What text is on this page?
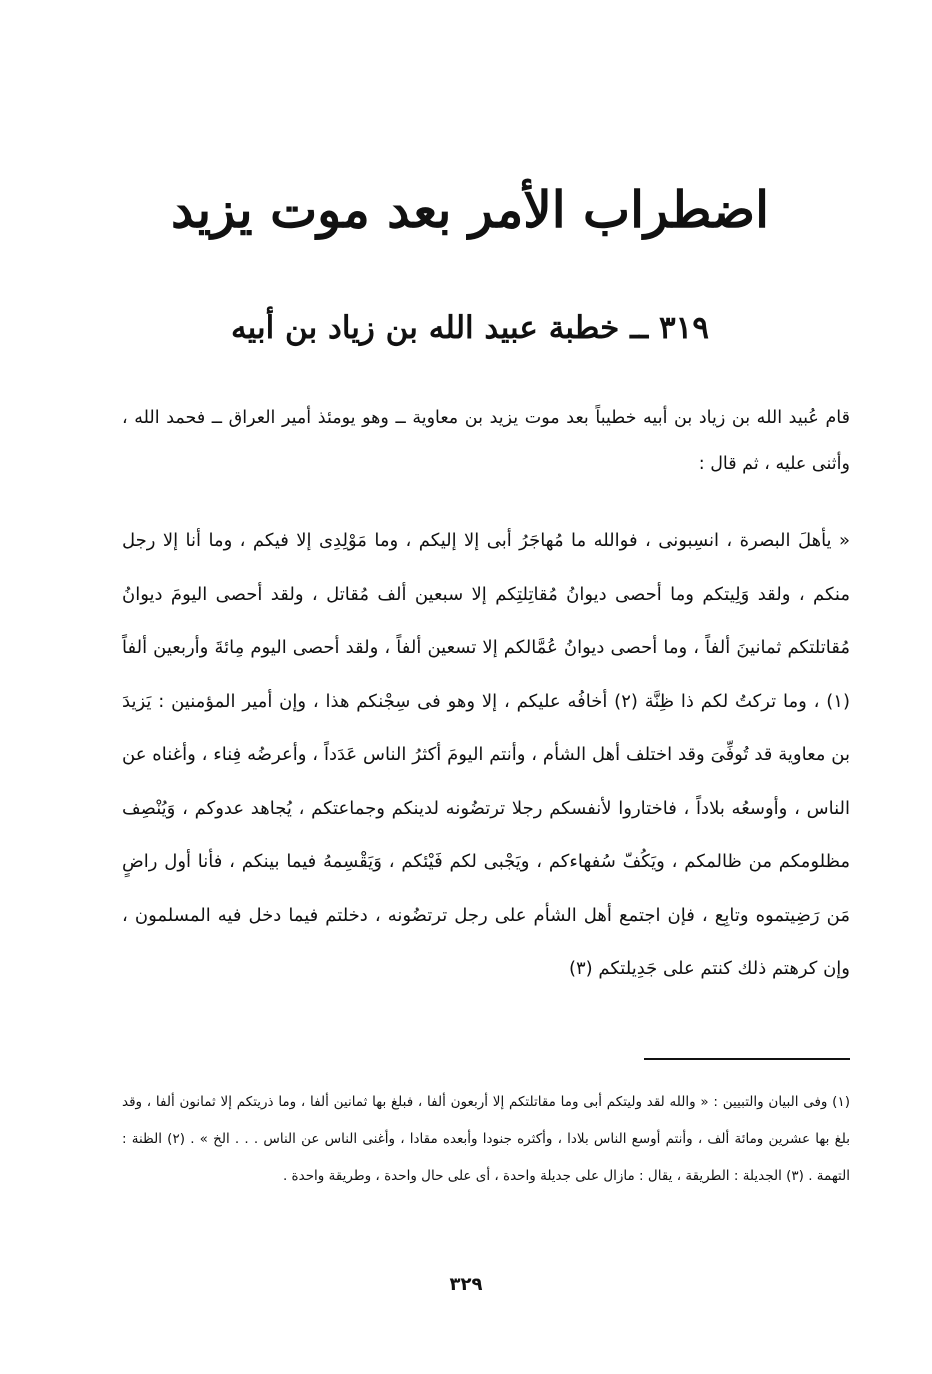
اضطراب الأمر بعد موت يزيد
٣١٩ ــ خطبة عبيد الله بن زياد بن أبيه

قام عُبيد الله بن زياد بن أبيه خطيباً بعد موت يزيد بن معاوية ــ وهو يومئذ أمير العراق ــ فحمد الله ، وأثنى عليه ، ثم قال :

« يأهلَ البصرة ، انسِبونى ، فوالله ما مُهاجَرُ أبى إلا إليكم ، وما مَوْلِدِى إلا فيكم ، وما أنا إلا رجل منكم ، ولقد وَلِيتكم وما أحصى ديوانُ مُقاتِلتِكم إلا سبعين ألف مُقاتل ، ولقد أحصى اليومَ ديوانُ مُقاتلتكم ثمانينَ ألفاً ، وما أحصى ديوانُ عُمَّالكم إلا تسعين ألفاً ، ولقد أحصى اليوم مِائةَ وأربعين ألفاً (١) ، وما تركتُ لكم ذا ظِنَّة (٢) أخافُه عليكم ، إلا وهو فى سِجْنكم هذا ، وإن أمير المؤمنين : يَزيدَ بن معاوية قد تُوفِّىَ وقد اختلف أهل الشأم ، وأنتم اليومَ أكثرُ الناس عَدَداً ، وأعرضُه فِناء ، وأغناه عن الناس ، وأوسعُه بلاداً ، فاختاروا لأنفسكم رجلا ترتضُونه لدينكم وجماعتكم ، يُجاهد عدوكم ، وَيُنْصِف مظلومكم من ظالمكم ، ويَكُفّ سُفهاءكم ، ويَجْبى لكم فَيْئكم ، وَيَقْسِمهُ فيما بينكم ، فأنا أول راضٍ مَن رَضِيتموه وتابِع ، فإن اجتمع أهل الشأم على رجل ترتضُونه ، دخلتم فيما دخل فيه المسلمون ، وإن كرهتم ذلك كنتم على جَدِيلتكم (٣)

(١) وفى البيان والتبيين : « والله لقد وليتكم أبى وما مقاتلتكم إلا أربعون ألفا ، فبلغ بها ثمانين ألفا ، وما ذريتكم إلا ثمانون ألفا ، وقد بلغ بها عشرين ومائة ألف ، وأنتم أوسع الناس بلادا ، وأكثره جنودا وأبعده مقادا ، وأغنى الناس عن الناس . . . الخ » . (٢) الظنة : التهمة . (٣) الجديلة : الطريقة ، يقال : مازال على جديلة واحدة ، أى على حال واحدة ، وطريقة واحدة .

٣٢٩
